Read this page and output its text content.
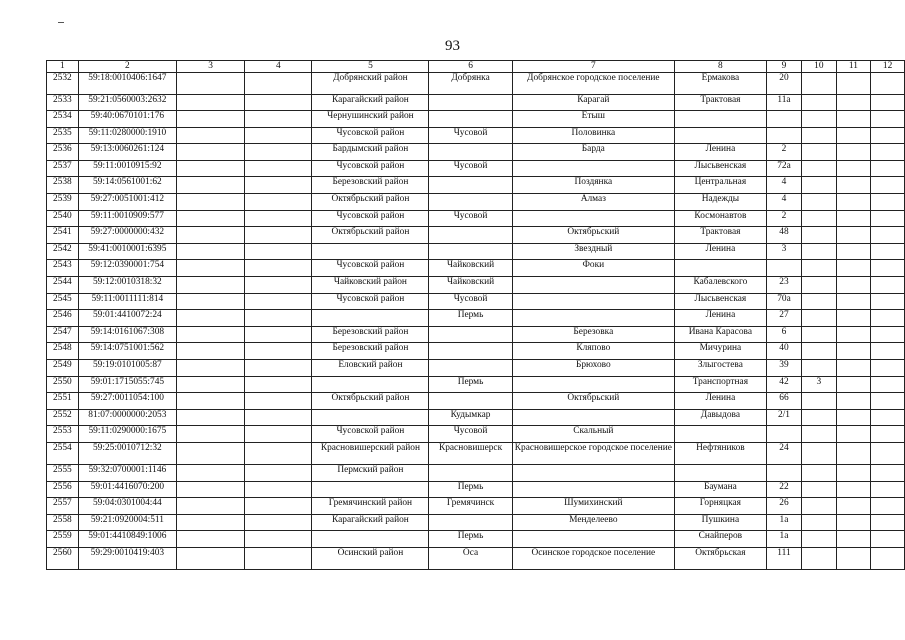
93
1	2	3	4	5	6	7	8	9	10	11	12
2532	59:18:0010406:1647			Добрянский район	Добрянка	Добрянское городское поселение	Ермакова	20			
2533	59:21:0560003:2632			Карагайский район		Карагай	Трактовая	11а			
2534	59:40:0670101:176			Чернушинский район		Етыш					
2535	59:11:0280000:1910			Чусовской район	Чусовой	Половинка					
2536	59:13:0060261:124			Бардымский район		Барда	Ленина	2			
2537	59:11:0010915:92			Чусовской район	Чусовой		Лысьвенская	72а			
2538	59:14:0561001:62			Березовский район		Поздянка	Центральная	4			
2539	59:27:0051001:412			Октябрьский район		Алмаз	Надежды	4			
2540	59:11:0010909:577			Чусовской район	Чусовой		Космонавтов	2			
2541	59:27:0000000:432			Октябрьский район		Октябрьский	Трактовая	48			
2542	59:41:0010001:6395					Звездный	Ленина	3			
2543	59:12:0390001:754			Чусовской район	Чайковский	Фоки					
2544	59:12:0010318:32			Чайковский район	Чайковский		Кабалевского	23			
2545	59:11:0011111:814			Чусовской район	Чусовой		Лысьвенская	70а			
2546	59:01:4410072:24				Пермь		Ленина	27			
2547	59:14:0161067:308			Березовский район		Березовка	Ивана Карасова	6			
2548	59:14:0751001:562			Березовский район		Кляпово	Мичурина	40			
2549	59:19:0101005:87			Еловский район		Брюхово	Злыгостева	39			
2550	59:01:1715055:745				Пермь		Транспортная	42	3		
2551	59:27:0011054:100			Октябрьский район		Октябрьский	Ленина	66			
2552	81:07:0000000:2053				Кудымкар		Давыдова	2/1			
2553	59:11:0290000:1675			Чусовской район	Чусовой	Скальный					
2554	59:25:0010712:32			Красновишерский район	Красновишерск	Красновишерское городское поселение	Нефтяников	24			
2555	59:32:0700001:1146			Пермский район							
2556	59:01:4416070:200				Пермь		Баумана	22			
2557	59:04:0301004:44			Гремячинский район	Гремячинск	Шумихинский	Горняцкая	26			
2558	59:21:0920004:511			Карагайский район		Менделеево	Пушкина	1а			
2559	59:01:4410849:1006				Пермь		Снайперов	1а			
2560	59:29:0010419:403			Осинский район	Оса	Осинское городское поселение	Октябрьская	111			
